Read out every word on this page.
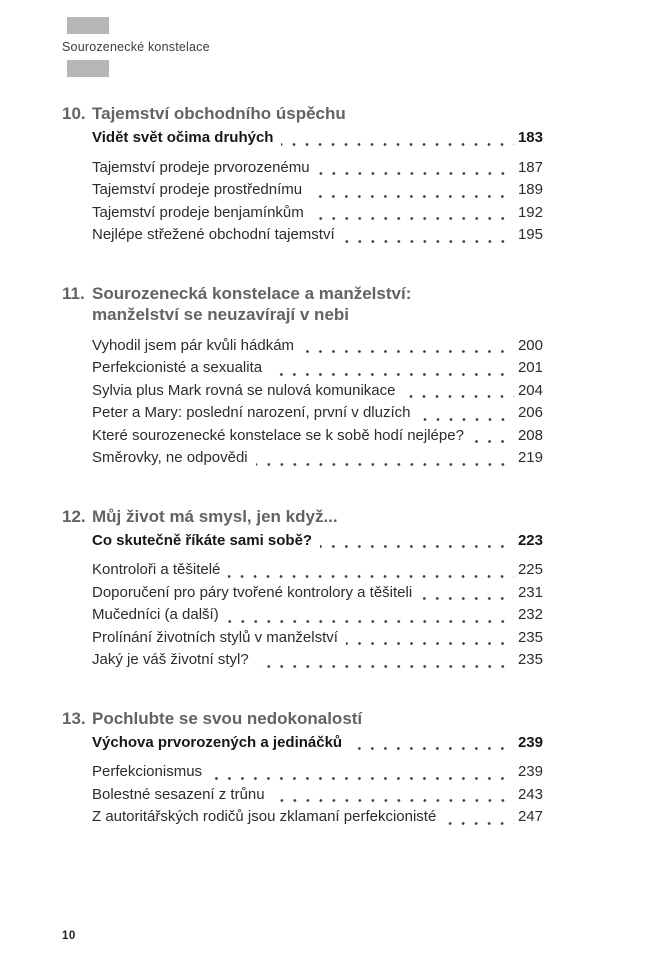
Sourozenecké konstelace
10. Tajemství obchodního úspěchu
Vidět svět očima druhých	183
Tajemství prodeje prvorozenému	187
Tajemství prodeje prostřednímu	189
Tajemství prodeje benjamínkům	192
Nejlépe střežené obchodní tajemství	195
11. Sourozenecká konstelace a manželství:
manželství se neuzavírají v nebi
Vyhodil jsem pár kvůli hádkám	200
Perfekcionisté a sexualita	201
Sylvia plus Mark rovná se nulová komunikace	204
Peter a Mary: poslední narození, první v dluzích	206
Které sourozenecké konstelace se k sobě hodí nejlépe?	208
Směrovky, ne odpovědi	219
12. Můj život má smysl, jen když...
Co skutečně říkáte sami sobě?	223
Kontroloři a těšitelé	225
Doporučení pro páry tvořené kontrolory a těšiteli	231
Mučedníci (a další)	232
Prolínání životních stylů v manželství	235
Jaký je váš životní styl?	235
13. Pochlubte se svou nedokonalostí
Výchova prvorozených a jedináčků	239
Perfekcionismus	239
Bolestné sesazení z trůnu	243
Z autoritářských rodičů jsou zklamaní perfekcionisté	247
10
